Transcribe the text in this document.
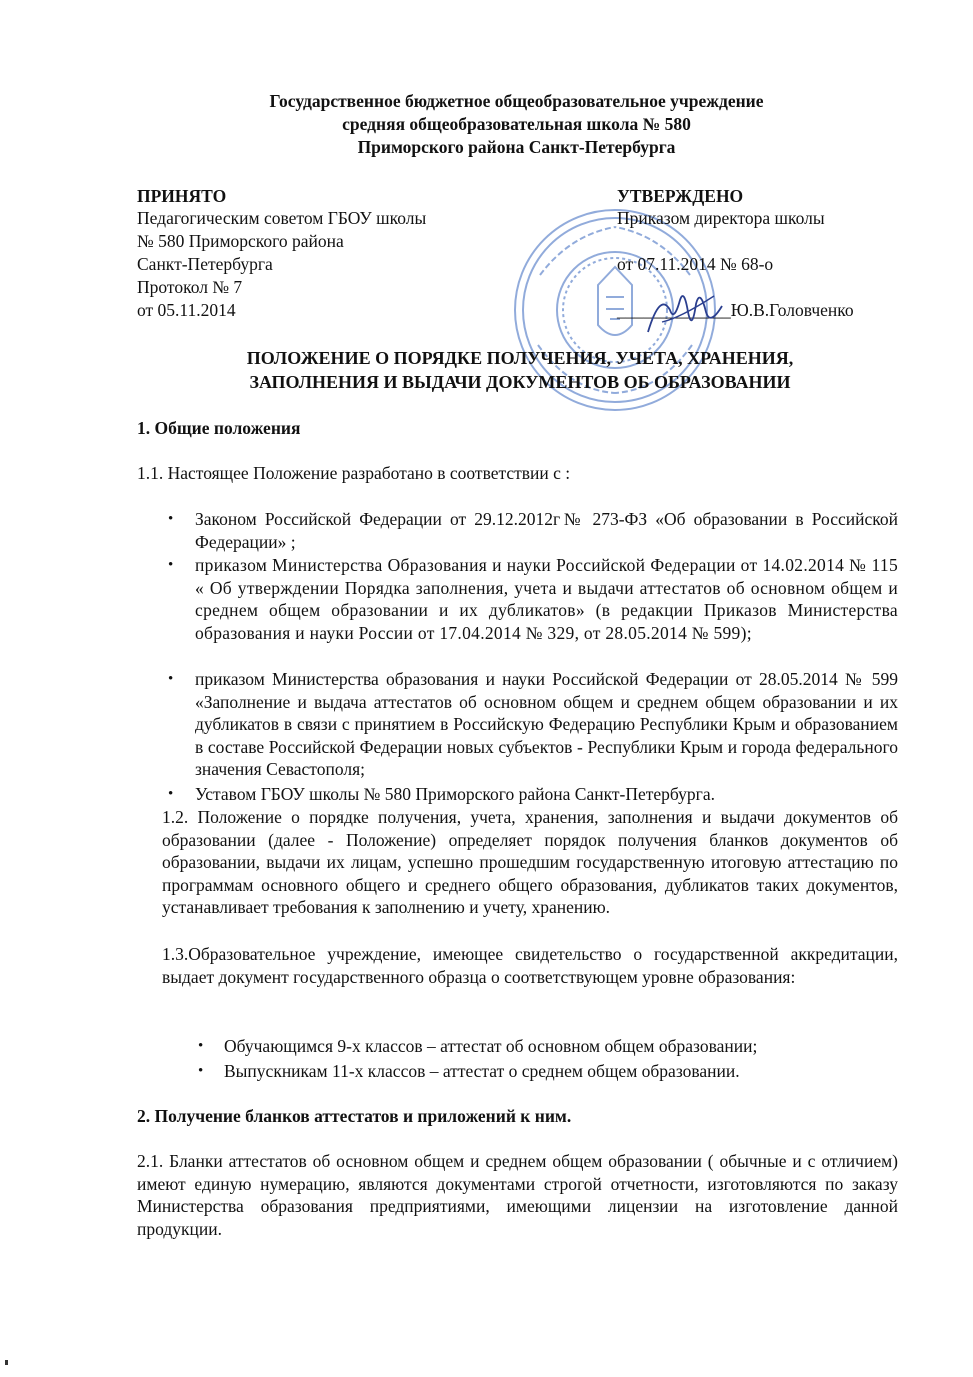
Государственное бюджетное общеобразовательное учреждение
средняя общеобразовательная школа № 580
Приморского района Санкт-Петербурга
ПРИНЯТО
Педагогическим советом ГБОУ школы
№ 580 Приморского района
Санкт-Петербурга
Протокол № 7
от 05.11.2014
УТВЕРЖДЕНО
Приказом директора школы
от 07.11.2014 № 68-о
_____________Ю.В.Головченко
ПОЛОЖЕНИЕ О ПОРЯДКЕ ПОЛУЧЕНИЯ, УЧЕТА, ХРАНЕНИЯ,
ЗАПОЛНЕНИЯ И ВЫДАЧИ ДОКУМЕНТОВ ОБ ОБРАЗОВАНИИ
1. Общие положения
1.1. Настоящее Положение разработано в соответствии с :
• Законом Российской Федерации от 29.12.2012г№ 273-ФЗ «Об образовании в Российской Федерации» ;
• приказом Министерства Образования и науки Российской Федерации от 14.02.2014 № 115 « Об утверждении Порядка заполнения, учета и выдачи аттестатов об основном общем и среднем общем образовании и их дубликатов» (в редакции Приказов Министерства образования и науки России от 17.04.2014 № 329, от 28.05.2014 № 599);
• приказом Министерства образования и науки Российской Федерации от 28.05.2014 № 599 «Заполнение и выдача аттестатов об основном общем и среднем общем образовании и их дубликатов в связи с принятием в Российскую Федерацию Республики Крым и образованием в составе Российской Федерации новых субъектов - Республики Крым и города федерального значения Севастополя;
• Уставом ГБОУ школы № 580 Приморского района Санкт-Петербурга.
1.2. Положение о порядке получения, учета, хранения, заполнения и выдачи документов об образовании (далее - Положение) определяет порядок получения бланков документов об образовании, выдачи их лицам, успешно прошедшим государственную итоговую аттестацию по программам основного общего и среднего общего образования, дубликатов таких документов, устанавливает требования к заполнению и учету, хранению.
1.3.Образовательное учреждение, имеющее свидетельство о государственной аккредитации, выдает документ государственного образца о соответствующем уровне образования:
• Обучающимся 9-х классов – аттестат об основном общем образовании;
• Выпускникам 11-х классов – аттестат о среднем общем образовании.
2. Получение бланков аттестатов и приложений к ним.
2.1. Бланки аттестатов об основном общем и среднем общем образовании ( обычные и с отличием) имеют единую нумерацию, являются документами строгой отчетности, изготовляются по заказу Министерства образования предприятиями, имеющими лицензии на изготовление данной продукции.
